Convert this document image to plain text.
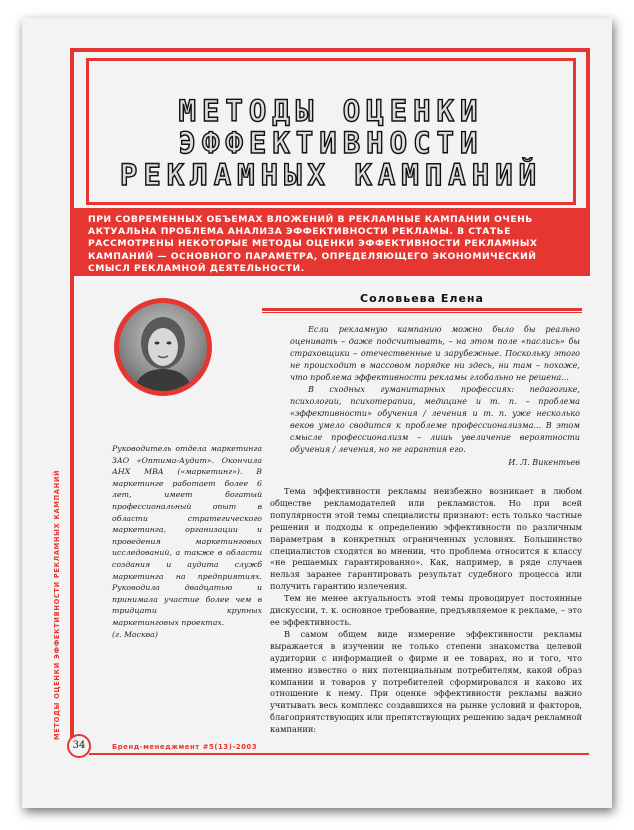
МЕТОДЫ ОЦЕНКИ
ЭФФЕКТИВНОСТИ
РЕКЛАМНЫХ КАМПАНИЙ
ПРИ СОВРЕМЕННЫХ ОБЪЕМАХ ВЛОЖЕНИЙ В РЕКЛАМНЫЕ КАМПАНИИ ОЧЕНЬ АКТУАЛЬНА ПРОБЛЕМА АНАЛИЗА ЭФФЕКТИВНОСТИ РЕКЛАМЫ. В СТАТЬЕ РАССМОТРЕНЫ НЕКОТОРЫЕ МЕТОДЫ ОЦЕНКИ ЭФФЕКТИВНОСТИ РЕКЛАМНЫХ КАМПАНИЙ — ОСНОВНОГО ПАРАМЕТРА, ОПРЕДЕЛЯЮЩЕГО ЭКОНОМИЧЕСКИЙ СМЫСЛ РЕКЛАМНОЙ ДЕЯТЕЛЬНОСТИ.
Соловьева Елена
Руководитель отдела маркетинга ЗАО «Оптима-Аудит». Окончила АНХ MBA («маркетинг»). В маркетинге работает более 6 лет, имеет богатый профессиональный опыт в области стратегического маркетинга, организации и проведения маркетинговых исследований, а также в области создания и аудита служб маркетинга на предприятиях. Руководила двадцатью и принимала участие более чем в тридцати крупных маркетинговых проектах.
(г. Москва)

Если рекламную кампанию можно было бы реально оценивать – даже подсчитывать, – на этом поле «паслись» бы страховщики – отечественные и зарубежные. Поскольку этого не происходит в массовом порядке ни здесь, ни там – похоже, что проблема эффективности рекламы глобально не решена...

В сходных гуманитарных профессиях: педагогике, психологии, психотерапии, медицине и т. п. – проблема «эффективности» обучения / лечения и т. п. уже несколько веков умело сводится к проблеме профессионализма... В этом смысле профессионализм – лишь увеличение вероятности обучения / лечения, но не гарантия его.

И. Л. Викентьев

Тема эффективности рекламы неизбежно возникает в любом обществе рекламодателей или рекламистов. Но при всей популярности этой темы специалисты признают: есть только частные решения и подходы к определению эффективности по различным параметрам в конкретных ограниченных условиях. Большинство специалистов сходятся во мнении, что проблема относится к классу «не решаемых гарантированно». Как, например, в ряде случаев нельзя заранее гарантировать результат судебного процесса или получить гарантию излечения.

Тем не менее актуальность этой темы провоцирует постоянные дискуссии, т. к. основное требование, предъявляемое к рекламе, – это ее эффективность.

В самом общем виде измерение эффективности рекламы выражается в изучении не только степени знакомства целевой аудитории с информацией о фирме и ее товарах, но и того, что именно известно о них потенциальным потребителям, какой образ компании и товаров у потребителей сформировался и каково их отношение к нему. При оценке эффективности рекламы важно учитывать весь комплекс создавшихся на рынке условий и факторов, благоприятствующих или препятствующих решению задач рекламной кампании:

МЕТОДЫ ОЦЕНКИ ЭФФЕКТИВНОСТИ РЕКЛАМНЫХ КАМПАНИЙ
34	Бренд-менеджмент #5(13)-2003
